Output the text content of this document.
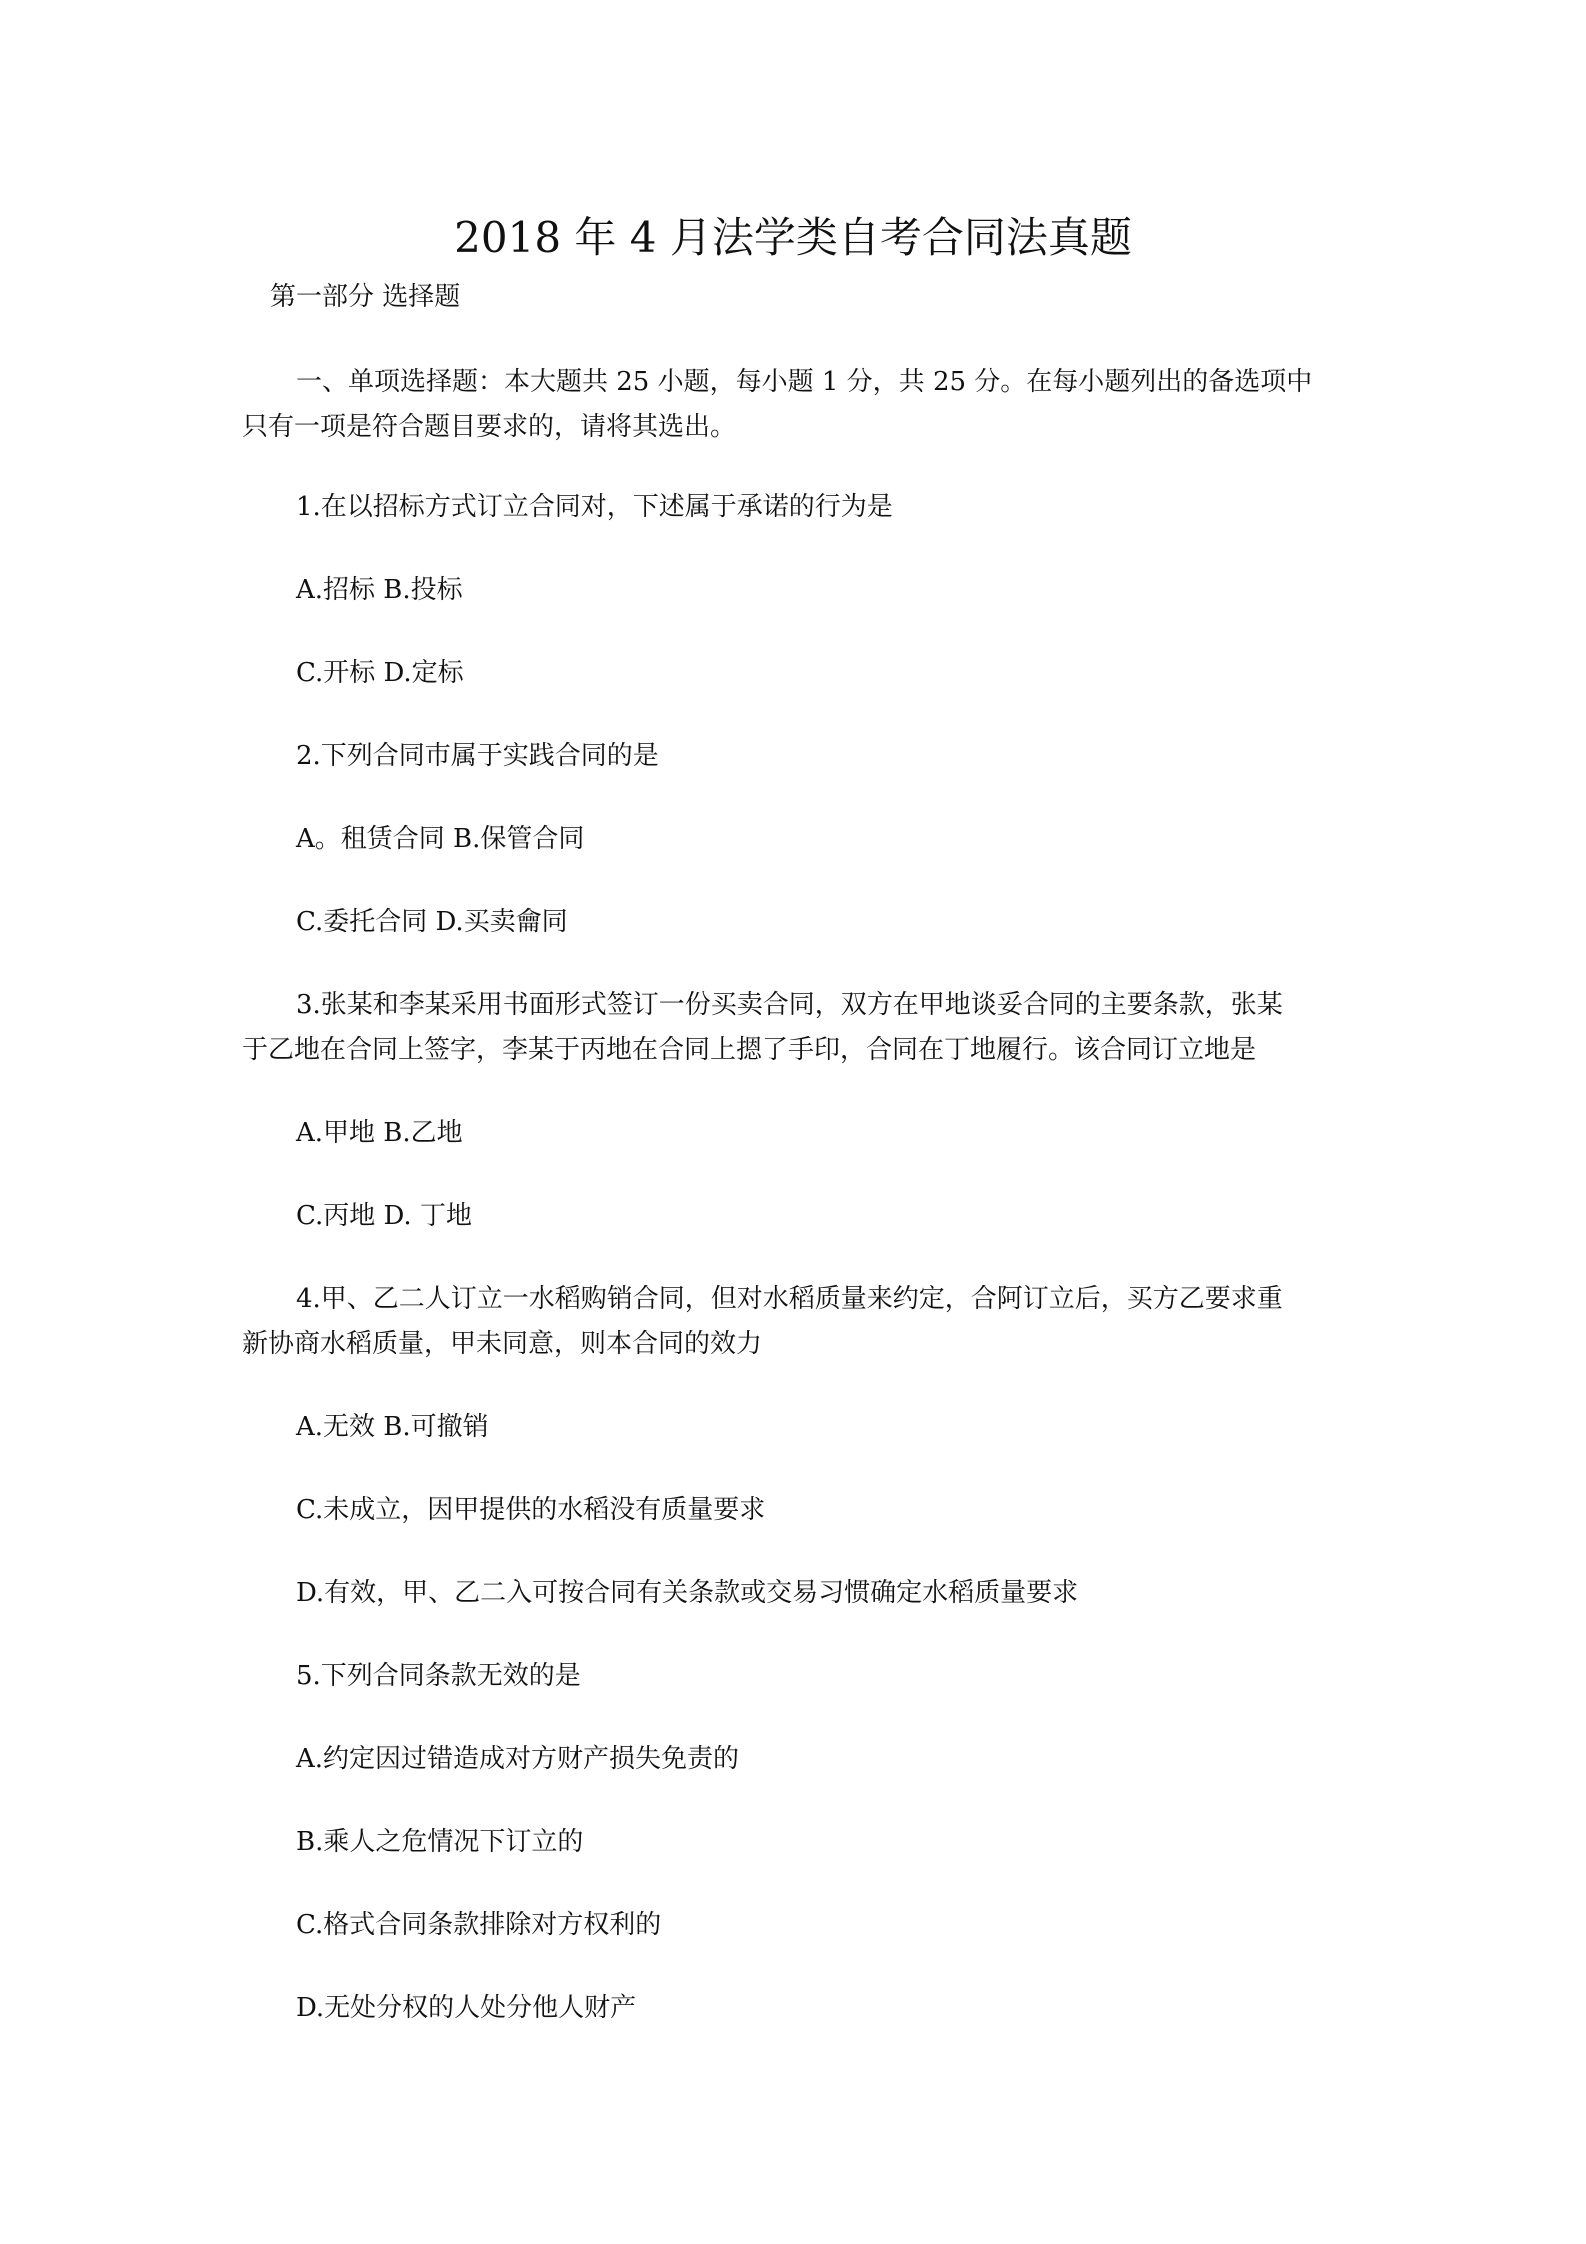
2018 年 4 月法学类自考合同法真题
第一部分 选择题
一、单项选择题：本大题共 25 小题，每小题 1 分，共 25 分。在每小题列出的备选项中
只有一项是符合题目要求的，请将其选出。
1.在以招标方式订立合同对，下述属于承诺的行为是
A.招标 B.投标
C.开标 D.定标
2.下列合同巿属于实践合同的是
A。租赁合同 B.保管合同
C.委托合同 D.买卖龠同
3.张某和李某采用书面形式签订一份买卖合同，双方在甲地谈妥合同的主要条款，张某
于乙地在合同上签字，李某于丙地在合同上摁了手印，合同在丁地履行。该合同订立地是
A.甲地 B.乙地
C.丙地 D. 丁地
4.甲、乙二人订立一水稻购销合同，但对水稻质量来约定，合阿订立后，买方乙要求重
新协商水稻质量，甲未同意，则本合同的效力
A.无效 B.可撤销
C.未成立，因甲提供的水稻没有质量要求
D.有效，甲、乙二入可按合同有关条款或交易习惯确定水稻质量要求
5.下列合同条款无效的是
A.约定因过错造成对方财产损失免责的
B.乘人之危情况下订立的
C.格式合同条款排除对方权利的
D.无处分权的人处分他人财产
